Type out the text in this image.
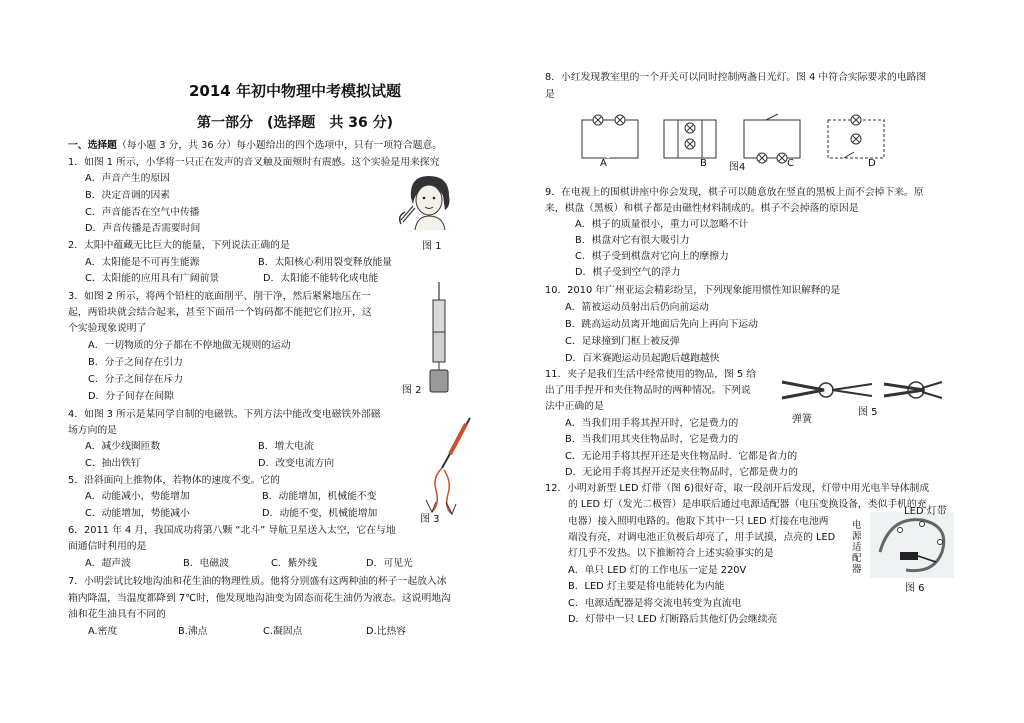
2014 年初中物理中考模拟试题
第一部分　(选择题　共 36 分)
一、选择题（每小题 3 分，共 36 分）每小题给出的四个选项中，只有一项符合题意。
1．如图 1 所示，小华将一只正在发声的音叉触及面颊时有震感。这个实验是用来探究
A．声音产生的原因
B．决定音调的因素
C．声音能否在空气中传播
D．声音传播是否需要时间
图 1
2．太阳中蕴藏无比巨大的能量，下列说法正确的是
A．太阳能是不可再生能源	B．太阳核心利用裂变释放能量
C．太阳能的应用具有广阔前景	D．太阳能不能转化成电能
3．如图 2 所示，将两个铅柱的底面削平、削干净，然后紧紧地压在一
起，两铅块就会结合起来，甚至下面吊一个钩码都不能把它们拉开，这
个实验现象说明了
A．一切物质的分子都在不停地做无规则的运动
B．分子之间存在引力
C．分子之间存在斥力
D．分子间存在间隙
图 2
4．如图 3 所示是某同学自制的电磁铁。下列方法中能改变电磁铁外部磁
场方向的是
A．减少线圈匝数	B．增大电流
C．抽出铁钉	D．改变电流方向
图 3
5．沿斜面向上推物体，若物体的速度不变。它的
A．动能减小，势能增加	B．动能增加，机械能不变
C．动能增加，势能减小	D．动能不变，机械能增加
6．2011 年 4 月，我国成功将第八颗 “北斗” 导航卫星送入太空，它在与地
面通信时利用的是
A．超声波	B．电磁波	C．紫外线	D．可见光
7．小明尝试比较地沟油和花生油的物理性质。他将分别盛有这两种油的杯子一起放入冰
箱内降温，当温度都降到 7℃时，他发现地沟油变为固态而花生油仍为液态。这说明地沟
油和花生油具有不同的
A.密度	B.沸点	C.凝固点	D.比热容
8．小红发现教室里的一个开关可以同时控制两盏日光灯。图 4 中符合实际要求的电路图
是
A	B	C	D
图4
9．在电视上的围棋讲座中你会发现，棋子可以随意放在竖直的黑板上而不会掉下来。原
来，棋盘（黑板）和棋子都是由磁性材料制成的。棋子不会掉落的原因是
A．棋子的质量很小，重力可以忽略不计
B．棋盘对它有很大吸引力
C．棋子受到棋盘对它向上的摩擦力
D．棋子受到空气的浮力
10．2010 年广州亚运会精彩纷呈，下列现象能用惯性知识解释的是
A．箭被运动员射出后仍向前运动
B．跳高运动员离开地面后先向上再向下运动
C．足球撞到门框上被反弹
D．百米赛跑运动员起跑后越跑越快
11．夹子是我们生活中经常使用的物品，图 5 给
出了用手捏开和夹住物品时的两种情况。下列说
法中正确的是
A．当我们用手将其捏开时，它是费力的
B．当我们用其夹住物品时，它是费力的
C．无论用手将其捏开还是夹住物品时．它都是省力的
D．无论用手将其捏开还是夹住物品时，它都是费力的
弹簧
图 5
12．小明对新型 LED 灯带（图 6)很好奇，取一段剖开后发现，灯带中用光电半导体制成
的 LED 灯（发光二极管）是串联后通过电源适配器（电压变换设备，类似手机的充
电器）接入照明电路的。他取下其中一只 LED 灯接在电池两
端没有亮，对调电池正负极后却亮了，用手试摸，点亮的 LED
灯几乎不发热。以下推断符合上述实验事实的是
A．单只 LED 灯的工作电压一定是 220V
B．LED 灯主要是将电能转化为内能
C．电源适配器是将交流电转变为直流电
D．灯带中一只 LED 灯断路后其他灯仍会继续亮
LED 灯带
电源适配器
图 6
